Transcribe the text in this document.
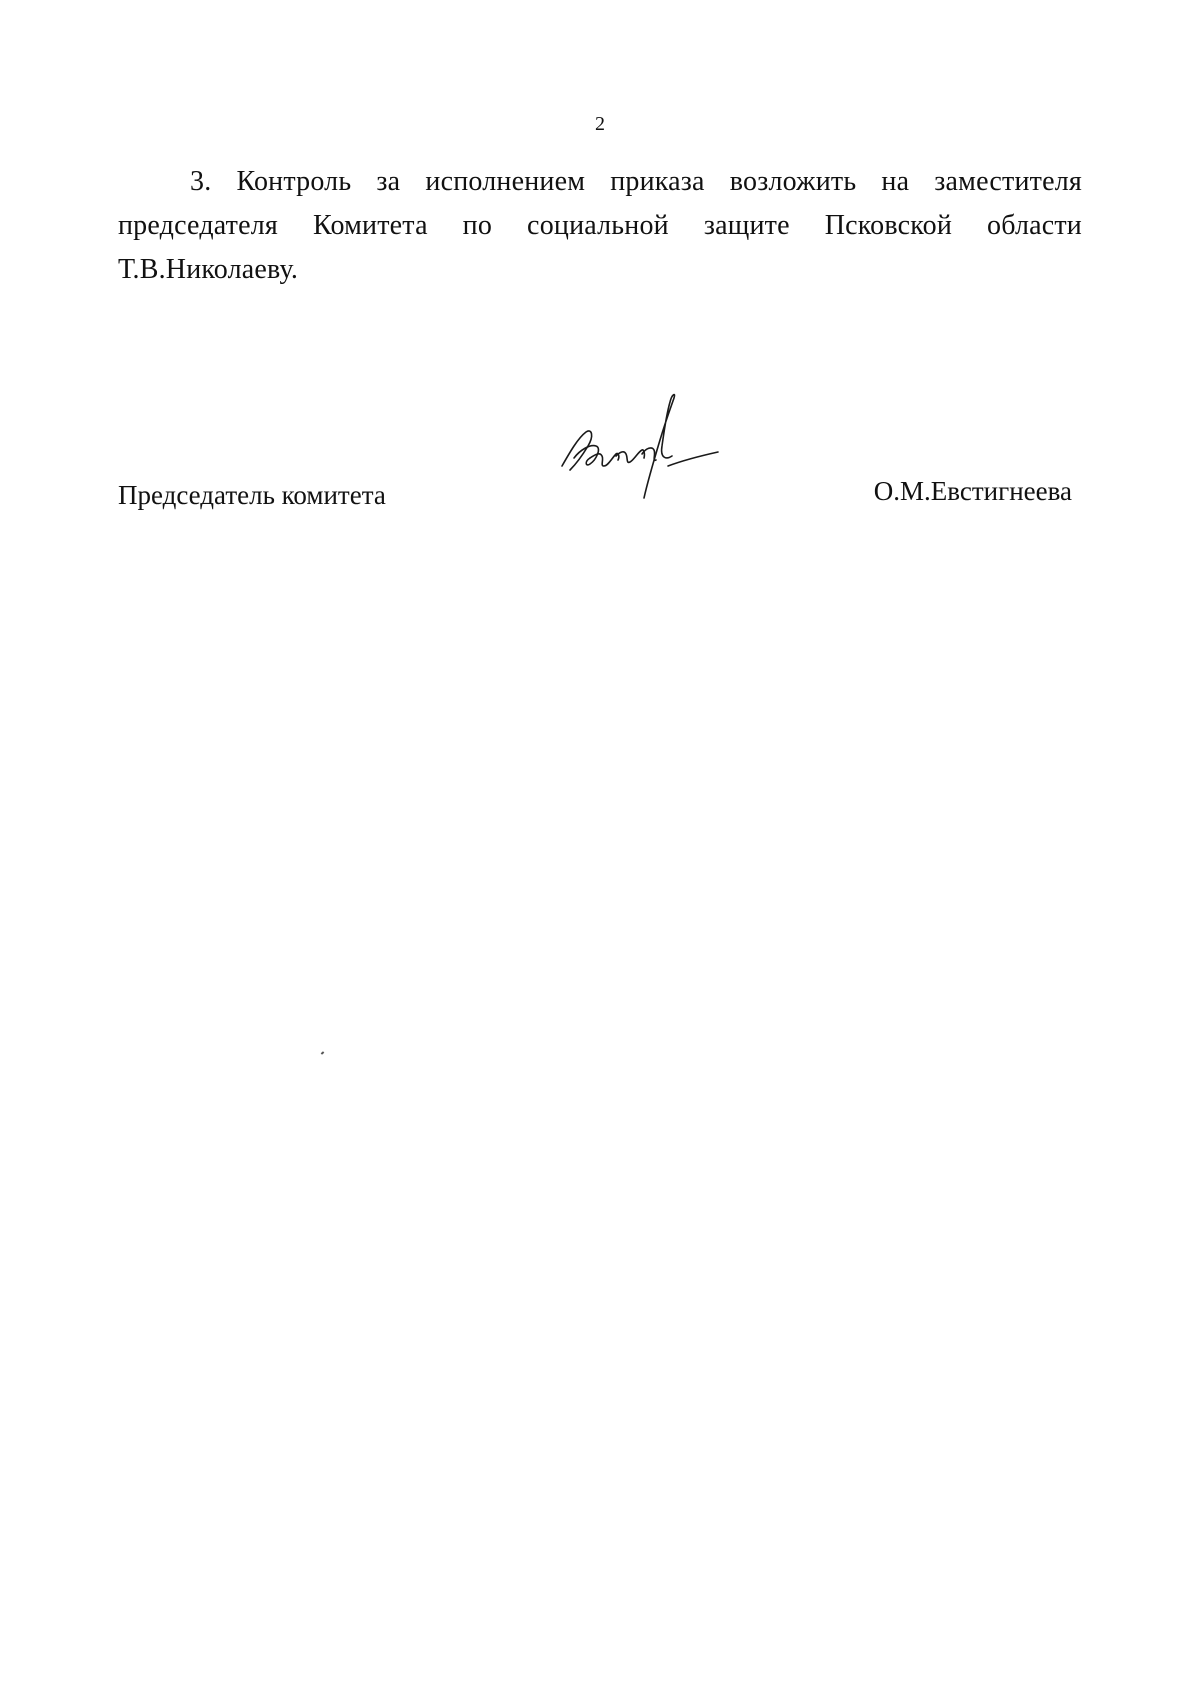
2

3. Контроль за исполнением приказа возложить на заместителя председателя Комитета по социальной защите Псковской области Т.В.Николаеву.

Председатель комитета	О.М.Евстигнеева
